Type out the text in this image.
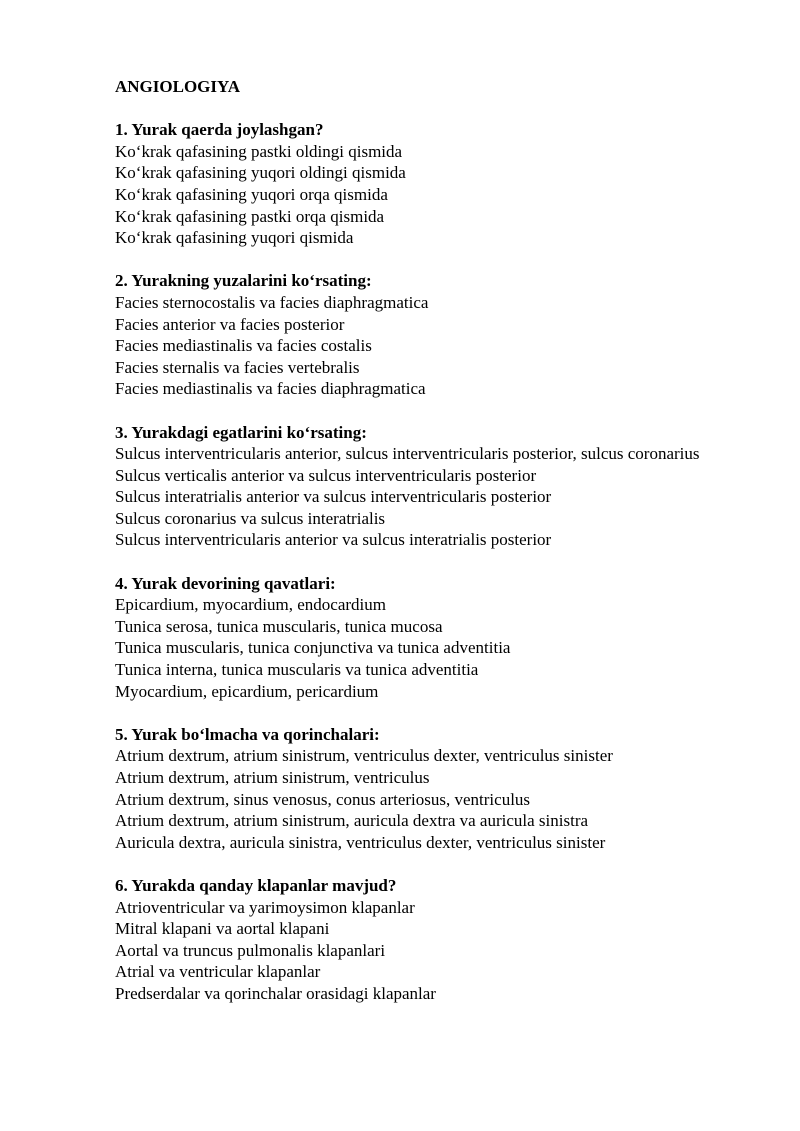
ANGIOLOGIYA
1. Yurak qaerda joylashgan?
Koʻkrak qafasining pastki oldingi qismida
Koʻkrak qafasining yuqori oldingi qismida
Koʻkrak qafasining yuqori orqa qismida
Koʻkrak qafasining pastki orqa qismida
Koʻkrak qafasining yuqori qismida
2. Yurakning yuzalarini koʻrsating:
Facies sternocostalis va facies diaphragmatica
Facies anterior va facies posterior
Facies mediastinalis va facies costalis
Facies sternalis va facies vertebralis
Facies mediastinalis va facies diaphragmatica
3. Yurakdagi egatlarini koʻrsating:
Sulcus interventricularis anterior, sulcus interventricularis posterior, sulcus coronarius
Sulcus verticalis anterior va sulcus interventricularis posterior
Sulcus interatrialis anterior va sulcus interventricularis posterior
Sulcus coronarius va sulcus interatrialis
Sulcus interventricularis anterior va sulcus interatrialis posterior
4. Yurak devorining qavatlari:
Epicardium, myocardium, endocardium
Tunica serosa, tunica muscularis, tunica mucosa
Tunica muscularis, tunica conjunctiva va tunica adventitia
Tunica interna, tunica muscularis va tunica adventitia
Myocardium, epicardium, pericardium
5. Yurak boʻlmacha va qorinchalari:
Atrium dextrum, atrium sinistrum, ventriculus dexter, ventriculus sinister
Atrium dextrum, atrium sinistrum, ventriculus
Atrium dextrum, sinus venosus, conus arteriosus, ventriculus
Atrium dextrum, atrium sinistrum, auricula dextra va auricula sinistra
Auricula dextra, auricula sinistra, ventriculus dexter, ventriculus sinister
6. Yurakda qanday klapanlar mavjud?
Atrioventricular va yarimoysimon klapanlar
Mitral klapani va aortal klapani
Aortal va truncus pulmonalis klapanlari
Atrial va ventricular klapanlar
Predserdalar va qorinchalar orasidagi klapanlar
